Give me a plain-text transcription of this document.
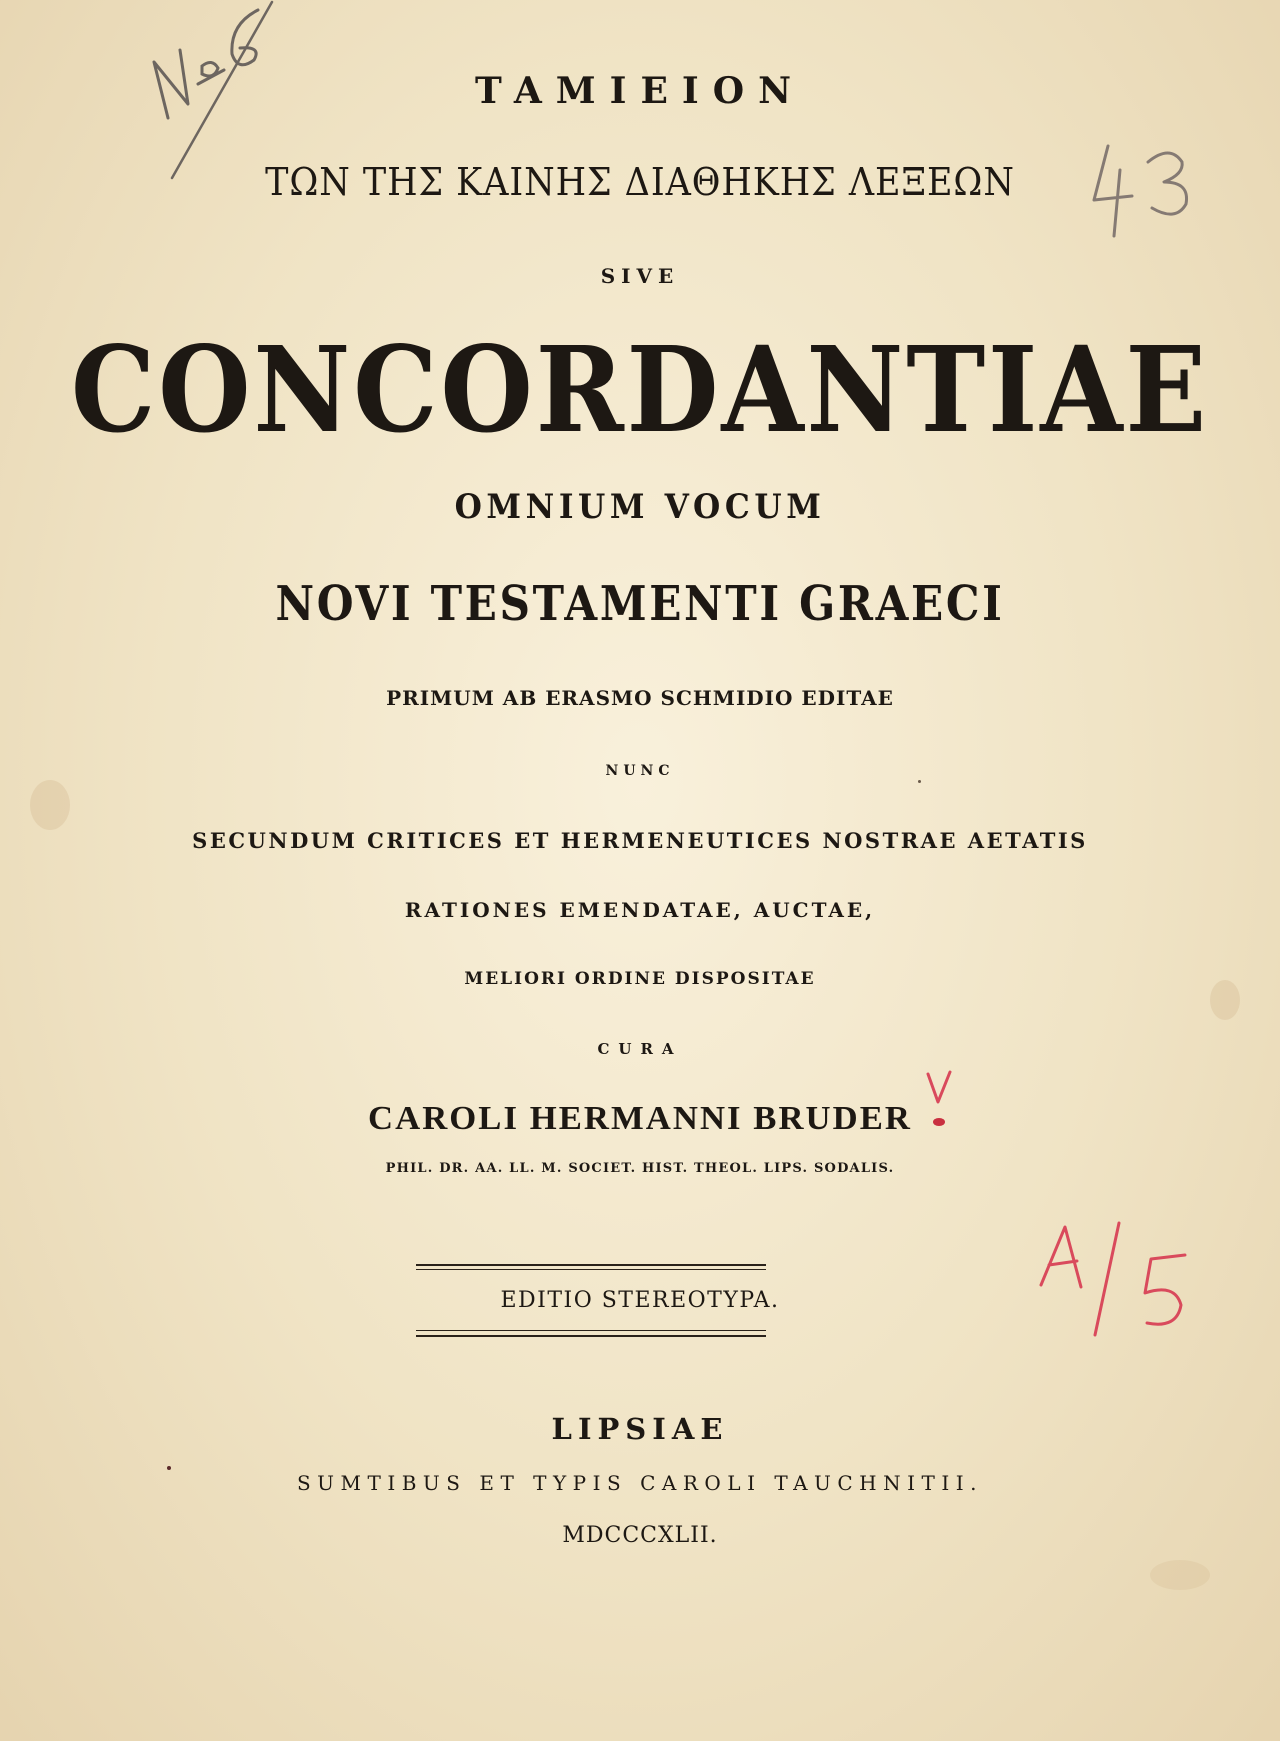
TAMIEION
ΤΩΝ ΤΗΣ ΚΑΙΝΗΣ ΔΙΑΘΗΚΗΣ ΛΕΞΕΩΝ
SIVE
CONCORDANTIAE
OMNIUM VOCUM
NOVI TESTAMENTI GRAECI
PRIMUM AB ERASMO SCHMIDIO EDITAE
NUNC
SECUNDUM CRITICES ET HERMENEUTICES NOSTRAE AETATIS
RATIONES EMENDATAE, AUCTAE,
MELIORI ORDINE DISPOSITAE
CURA
CAROLI HERMANNI BRUDER
PHIL. DR. AA. LL. M. SOCIET. HIST. THEOL. LIPS. SODALIS.
EDITIO STEREOTYPA.
LIPSIAE
SUMTIBUS ET TYPIS CAROLI TAUCHNITII.
MDCCCXLII.
